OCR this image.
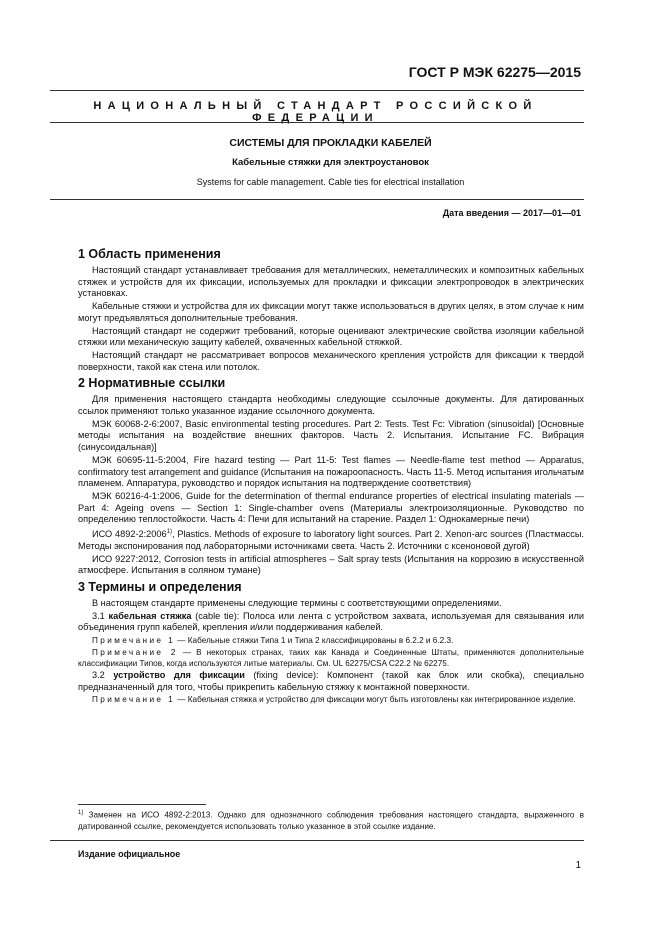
ГОСТ Р МЭК 62275—2015
НАЦИОНАЛЬНЫЙ СТАНДАРТ РОССИЙСКОЙ ФЕДЕРАЦИИ
СИСТЕМЫ ДЛЯ ПРОКЛАДКИ КАБЕЛЕЙ
Кабельные стяжки для электроустановок
Systems for cable management. Cable ties for electrical installation
Дата введения — 2017—01—01
1 Область применения

Настоящий стандарт устанавливает требования для металлических, неметаллических и композитных кабельных стяжек и устройств для их фиксации, используемых для прокладки и фиксации электропроводок в электрических установках.

Кабельные стяжки и устройства для их фиксации могут также использоваться в других целях, в этом случае к ним могут предъявляться дополнительные требования.

Настоящий стандарт не содержит требований, которые оценивают электрические свойства изоляции кабельной стяжки или механическую защиту кабелей, охваченных кабельной стяжкой.

Настоящий стандарт не рассматривает вопросов механического крепления устройств для фиксации к твердой поверхности, такой как стена или потолок.

2 Нормативные ссылки

Для применения настоящего стандарта необходимы следующие ссылочные документы. Для датированных ссылок применяют только указанное издание ссылочного документа.

МЭК 60068-2-6:2007, Basic environmental testing procedures. Part 2: Tests. Test Fc: Vibration (sinusoidal) [Основные методы испытания на воздействие внешних факторов. Часть 2. Испытания. Испытание FC. Вибрация (синусоидальная)]

МЭК 60695-11-5:2004, Fire hazard testing — Part 11-5: Test flames — Needle-flame test method — Apparatus, confirmatory test arrangement and guidance (Испытания на пожароопасность. Часть 11-5. Метод испытания игольчатым пламенем. Аппаратура, руководство и порядок испытания на подтверждение соответствия)

МЭК 60216-4-1:2006, Guide for the determination of thermal endurance properties of electrical insulating materials — Part 4: Ageing ovens — Section 1: Single-chamber ovens (Материалы электроизоляционные. Руководство по определению теплостойкости. Часть 4: Печи для испытаний на старение. Раздел 1: Однокамерные печи)

ИСО 4892-2:2006$^{1)}$, Plastics. Methods of exposure to laboratory light sources. Part 2. Xenon-arc sources (Пластмассы. Методы экспонирования под лабораторными источниками света. Часть 2. Источники с ксеноновой дугой)

ИСО 9227:2012, Corrosion tests in artificial atmospheres – Salt spray tests (Испытания на коррозию в искусственной атмосфере. Испытания в соляном тумане)

3 Термины и определения

В настоящем стандарте применены следующие термины с соответствующими определениями.

3.1 кабельная стяжка (cable tie): Полоса или лента с устройством захвата, используемая для связывания или объединения групп кабелей, крепления и/или поддерживания кабелей.

Примечание 1 — Кабельные стяжки Типа 1 и Типа 2 классифицированы в 6.2.2 и 6.2.3.

Примечание 2 — В некоторых странах, таких как Канада и Соединенные Штаты, применяются дополнительные классификации Типов, когда используются литые материалы. См. UL 62275/CSA C22.2 № 62275.

3.2 устройство для фиксации (fixing device): Компонент (такой как блок или скобка), специально предназначенный для того, чтобы прикрепить кабельную стяжку к монтажной поверхности.

Примечание 1 — Кабельная стяжка и устройство для фиксации могут быть изготовлены как интегрированное изделие.

$^{1)}$ Заменен на ИСО 4892-2:2013. Однако для однозначного соблюдения требования настоящего стандарта, выраженного в датированной ссылке, рекомендуется использовать только указанное в этой ссылке издание.
Издание официальное
1
